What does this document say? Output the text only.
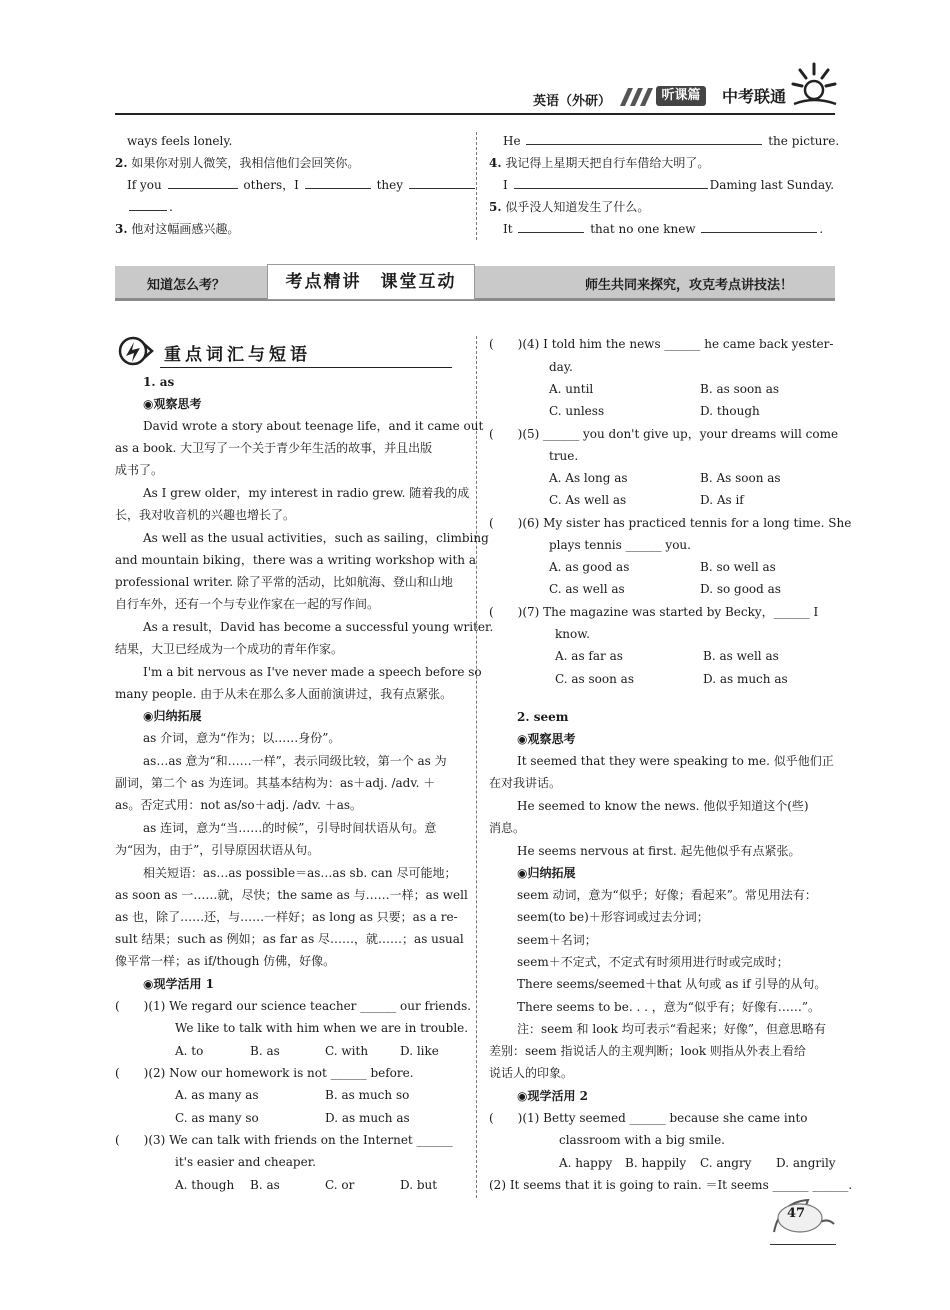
英语（外研）	听课篇	中考联通
ways feels lonely.
2. 如果你对别人微笑，我相信他们会回笑你。
If you	others，I	they
.
3. 他对这幅画感兴趣。
He	the picture.
4. 我记得上星期天把自行车借给大明了。
I	Daming last Sunday.
5. 似乎没人知道发生了什么。
It	that no one knew	.
知道怎么考？	考点精讲　课堂互动	师生共同来探究，攻克考点讲技法！
重点词汇与短语
1. as
◉观察思考
David wrote a story about teenage life，and it came out
as a book. 大卫写了一个关于青少年生活的故事，并且出版
成书了。
As I grew older，my interest in radio grew. 随着我的成
长，我对收音机的兴趣也增长了。
As well as the usual activities，such as sailing，climbing
and mountain biking，there was a writing workshop with a
professional writer. 除了平常的活动，比如航海、登山和山地
自行车外，还有一个与专业作家在一起的写作间。
As a result，David has become a successful young writer.
结果，大卫已经成为一个成功的青年作家。
I'm a bit nervous as I've never made a speech before so
many people. 由于从未在那么多人面前演讲过，我有点紧张。
◉归纳拓展
as 介词，意为“作为；以……身份”。
as…as 意为“和……一样”，表示同级比较，第一个 as 为
副词，第二个 as 为连词。其基本结构为：as＋adj. /adv. ＋
as。否定式用：not as/so＋adj. /adv. ＋as。
as 连词，意为“当……的时候”，引导时间状语从句。意
为“因为，由于”，引导原因状语从句。
相关短语：as…as possible＝as…as sb. can 尽可能地；
as soon as 一……就，尽快；the same as 与……一样；as well
as 也，除了……还，与……一样好；as long as 只要；as a re-
sult 结果；such as 例如；as far as 尽……，就……；as usual
像平常一样；as if/though 仿佛，好像。
◉现学活用 1
(　　)(1) We regard our science teacher ______ our friends.
We like to talk with him when we are in trouble.
A. to	B. as	C. with	D. like
(　　)(2) Now our homework is not ______ before.
A. as many as	B. as much so
C. as many so	D. as much as
(　　)(3) We can talk with friends on the Internet ______
it's easier and cheaper.
A. though B. as	C. or	D. but
(　　)(4) I told him the news ______ he came back yester-
day.
A. until	B. as soon as
C. unless	D. though
(　　)(5) ______ you don't give up，your dreams will come
true.
A. As long as	B. As soon as
C. As well as	D. As if
(　　)(6) My sister has practiced tennis for a long time. She
plays tennis ______ you.
A. as good as	B. so well as
C. as well as	D. so good as
(　　)(7) The magazine was started by Becky，______ I
know.
A. as far as	B. as well as
C. as soon as	D. as much as
2. seem
◉观察思考
It seemed that they were speaking to me. 似乎他们正
在对我讲话。
He seemed to know the news. 他似乎知道这个(些)
消息。
He seems nervous at first. 起先他似乎有点紧张。
◉归纳拓展
seem 动词，意为“似乎；好像；看起来”。常见用法有：
seem(to be)＋形容词或过去分词；
seem＋名词；
seem＋不定式，不定式有时须用进行时或完成时；
There seems/seemed＋that 从句或 as if 引导的从句。
There seems to be. . . ，意为“似乎有；好像有……”。
注：seem 和 look 均可表示“看起来；好像”，但意思略有
差别：seem 指说话人的主观判断；look 则指从外表上看给
说话人的印象。
◉现学活用 2
(　　)(1) Betty seemed ______ because she came into
classroom with a big smile.
A. happy B. happily C. angry D. angrily
(2) It seems that it is going to rain. ＝It seems ______ ______.
47
